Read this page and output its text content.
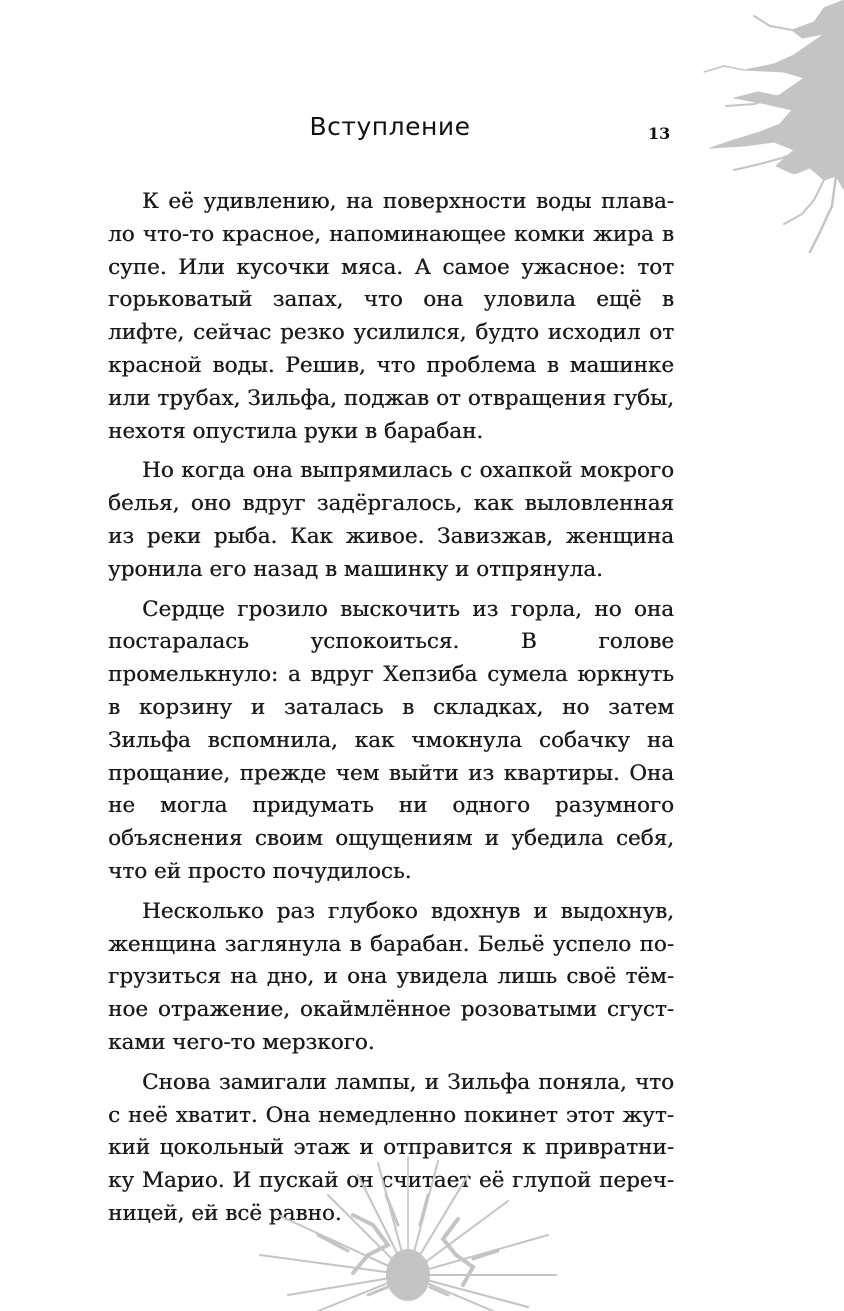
Вступление	13

К её удивлению, на поверхности воды плавало что-то красное, напоминающее комки жира в супе. Или кусочки мяса. А самое ужасное: тот горьковатый запах, что она уловила ещё в лифте, сейчас резко усилился, будто исходил от красной воды. Решив, что проблема в машинке или трубах, Зильфа, поджав от отвращения губы, нехотя опустила руки в барабан.

Но когда она выпрямилась с охапкой мокрого белья, оно вдруг задёргалось, как выловленная из реки рыба. Как живое. Завизжав, женщина уронила его назад в машинку и отпрянула.

Сердце грозило выскочить из горла, но она постаралась успокоиться. В голове промелькнуло: а вдруг Хепзиба сумела юркнуть в корзину и заталась в складках, но затем Зильфа вспомнила, как чмокнула собачку на прощание, прежде чем выйти из квартиры. Она не могла придумать ни одного разумного объяснения своим ощущениям и убедила себя, что ей просто почудилось.

Несколько раз глубоко вдохнув и выдохнув, женщина заглянула в барабан. Бельё успело погрузиться на дно, и она увидела лишь своё тёмное отражение, окаймлённое розоватыми сгустками чего-то мерзкого.

Снова замигали лампы, и Зильфа поняла, что с неё хватит. Она немедленно покинет этот жуткий цокольный этаж и отправится к привратнику Марио. И пускай он считает её глупой перечницей, ей всё равно.
